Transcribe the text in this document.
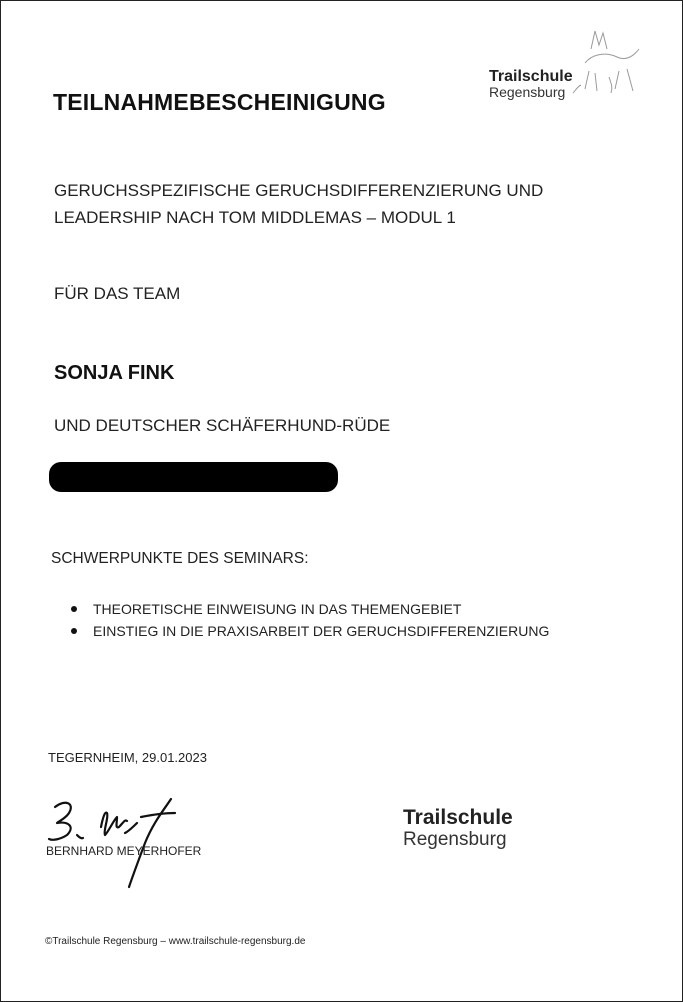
TEILNAHMEBESCHEINIGUNG
Trailschule
Regensburg
GERUCHSSPEZIFISCHE GERUCHSDIFFERENZIERUNG UND
LEADERSHIP NACH TOM MIDDLEMAS – MODUL 1
FÜR DAS TEAM
SONJA FINK
UND DEUTSCHER SCHÄFERHUND-RÜDE
SCHWERPUNKTE DES SEMINARS:
THEORETISCHE EINWEISUNG IN DAS THEMENGEBIET
EINSTIEG IN DIE PRAXISARBEIT DER GERUCHSDIFFERENZIERUNG
TEGERNHEIM, 29.01.2023
BERNHARD MEYERHOFER
Trailschule
Regensburg
©Trailschule Regensburg – www.trailschule-regensburg.de
